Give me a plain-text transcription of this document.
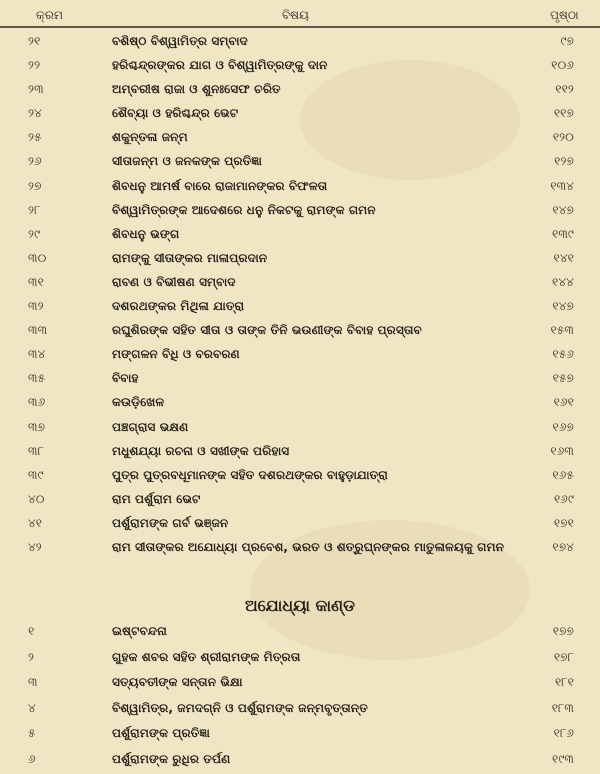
କ୍ରମ	ବିଷୟ	ପୃଷ୍ଠା
୨୧	ବଶିଷ୍ଠ ବିଶ୍ୱାମିତ୍ର ସମ୍ବାଦ	୯୭
୨୨	ହରିଶ୍ଚନ୍ଦ୍ରଙ୍କର ଯାଗ ଓ ବିଶ୍ୱାମିତ୍ରଙ୍କୁ ଦାନ	୧୦୬
୨୩	ଅମ୍ବରୀଷ ରାଜା ଓ ଶୁନଃସେଫ ଚରିତ	୧୧୨
୨୪	ଶୈବ୍ୟା ଓ ହରିଶ୍ଚନ୍ଦ୍ର ଭେଟ	୧୧୭
୨୫	ଶକୁନ୍ତଳା ଜନ୍ମ	୧୨୦
୨୬	ସୀତାଜନ୍ମ ଓ ଜନକଙ୍କ ପ୍ରତିଜ୍ଞା	୧୨୭
୨୭	ଶିବଧନୁ ଆମର୍ଷ ବାରେ ରାଜାମାନଙ୍କର ବିଫଳତା	୧୩୪
୨୮	ବିଶ୍ୱାମିତ୍ରଙ୍କ ଆଦେଶରେ ଧନୁ ନିକଟକୁ ରାମଙ୍କ ଗମନ	୧୪୭
୨୯	ଶିବଧନୁ ଭଙ୍ଗ	୧୩୯
୩୦	ରାମଙ୍କୁ ସୀତାଙ୍କର ମାଳାପ୍ରଦାନ	୧୪୧
୩୧	ରାବଣ ଓ ବିଭୀଷଣ ସମ୍ବାଦ	୧୪୪
୩୨	ଦଶରଥଙ୍କର ମିଥିଳା ଯାତ୍ରା	୧୪୭
୩୩	ରଘୁଶିରଙ୍କ ସହିତ ସୀତା ଓ ତାଙ୍କ ତିନି ଭଉଣୀଙ୍କ ବିବାହ ପ୍ରସ୍ତାବ	୧୫୩
୩୪	ମଙ୍ଗଳନ ବିଧି ଓ ବରବରଣ	୧୫୬
୩୫	ବିବାହ	୧୫୭
୩୬	କଉଡ଼ିଖେଳ	୧୬୧
୩୭	ପଞ୍ଚଗ୍ରାସ ଭକ୍ଷଣ	୧୬୭
୩୮	ମଧୁଶଯ୍ୟା ରଚନା ଓ ସଖୀଙ୍କ ପରିହାସ	୧୬୩
୩୯	ପୁତ୍ର ପୁତ୍ରବଧୂମାନଙ୍କ ସହିତ ଦଶରଥଙ୍କର ବାହୁଡ଼ାଯାତ୍ରା	୧୬୫
୪୦	ରାମ ପର୍ଶୁରାମ ଭେଟ	୧୬୯
୪୧	ପର୍ଶୁରାମଙ୍କ ଗର୍ବ ଭଞ୍ଜନ	୧୭୧
୪୨	ରାମ ସୀତାଙ୍କର ଅଯୋଧ୍ୟା ପ୍ରବେଶ, ଭରତ ଓ ଶତ୍ରୁଘ୍ନଙ୍କର ମାତୁଳାଳୟକୁ ଗମନ	୧୭୪
ଅଯୋଧ୍ୟା କାଣ୍ଡ
୧	ଇଷ୍ଟବନ୍ଦନା	୧୭୭
୨	ଗୁହକ ଶବର ସହିତ ଶ୍ରୀରାମଙ୍କ ମିତ୍ରତା	୧୭୮
୩	ସତ୍ୟବତୀଙ୍କ ସନ୍ତାନ ଭିକ୍ଷା	୧୮୧
୪	ବିଶ୍ୱାମିତ୍ର, ଜମଦଗ୍ନି ଓ ପର୍ଶୁରାମଙ୍କ ଜନ୍ମବୃତ୍ତାନ୍ତ	୧୮୩
୫	ପର୍ଶୁରାମଙ୍କ ପ୍ରତିଜ୍ଞା	୧୮୬
୬	ପର୍ଶୁରାମଙ୍କ ରୁଧିର ତର୍ପଣ	୧୯୩
